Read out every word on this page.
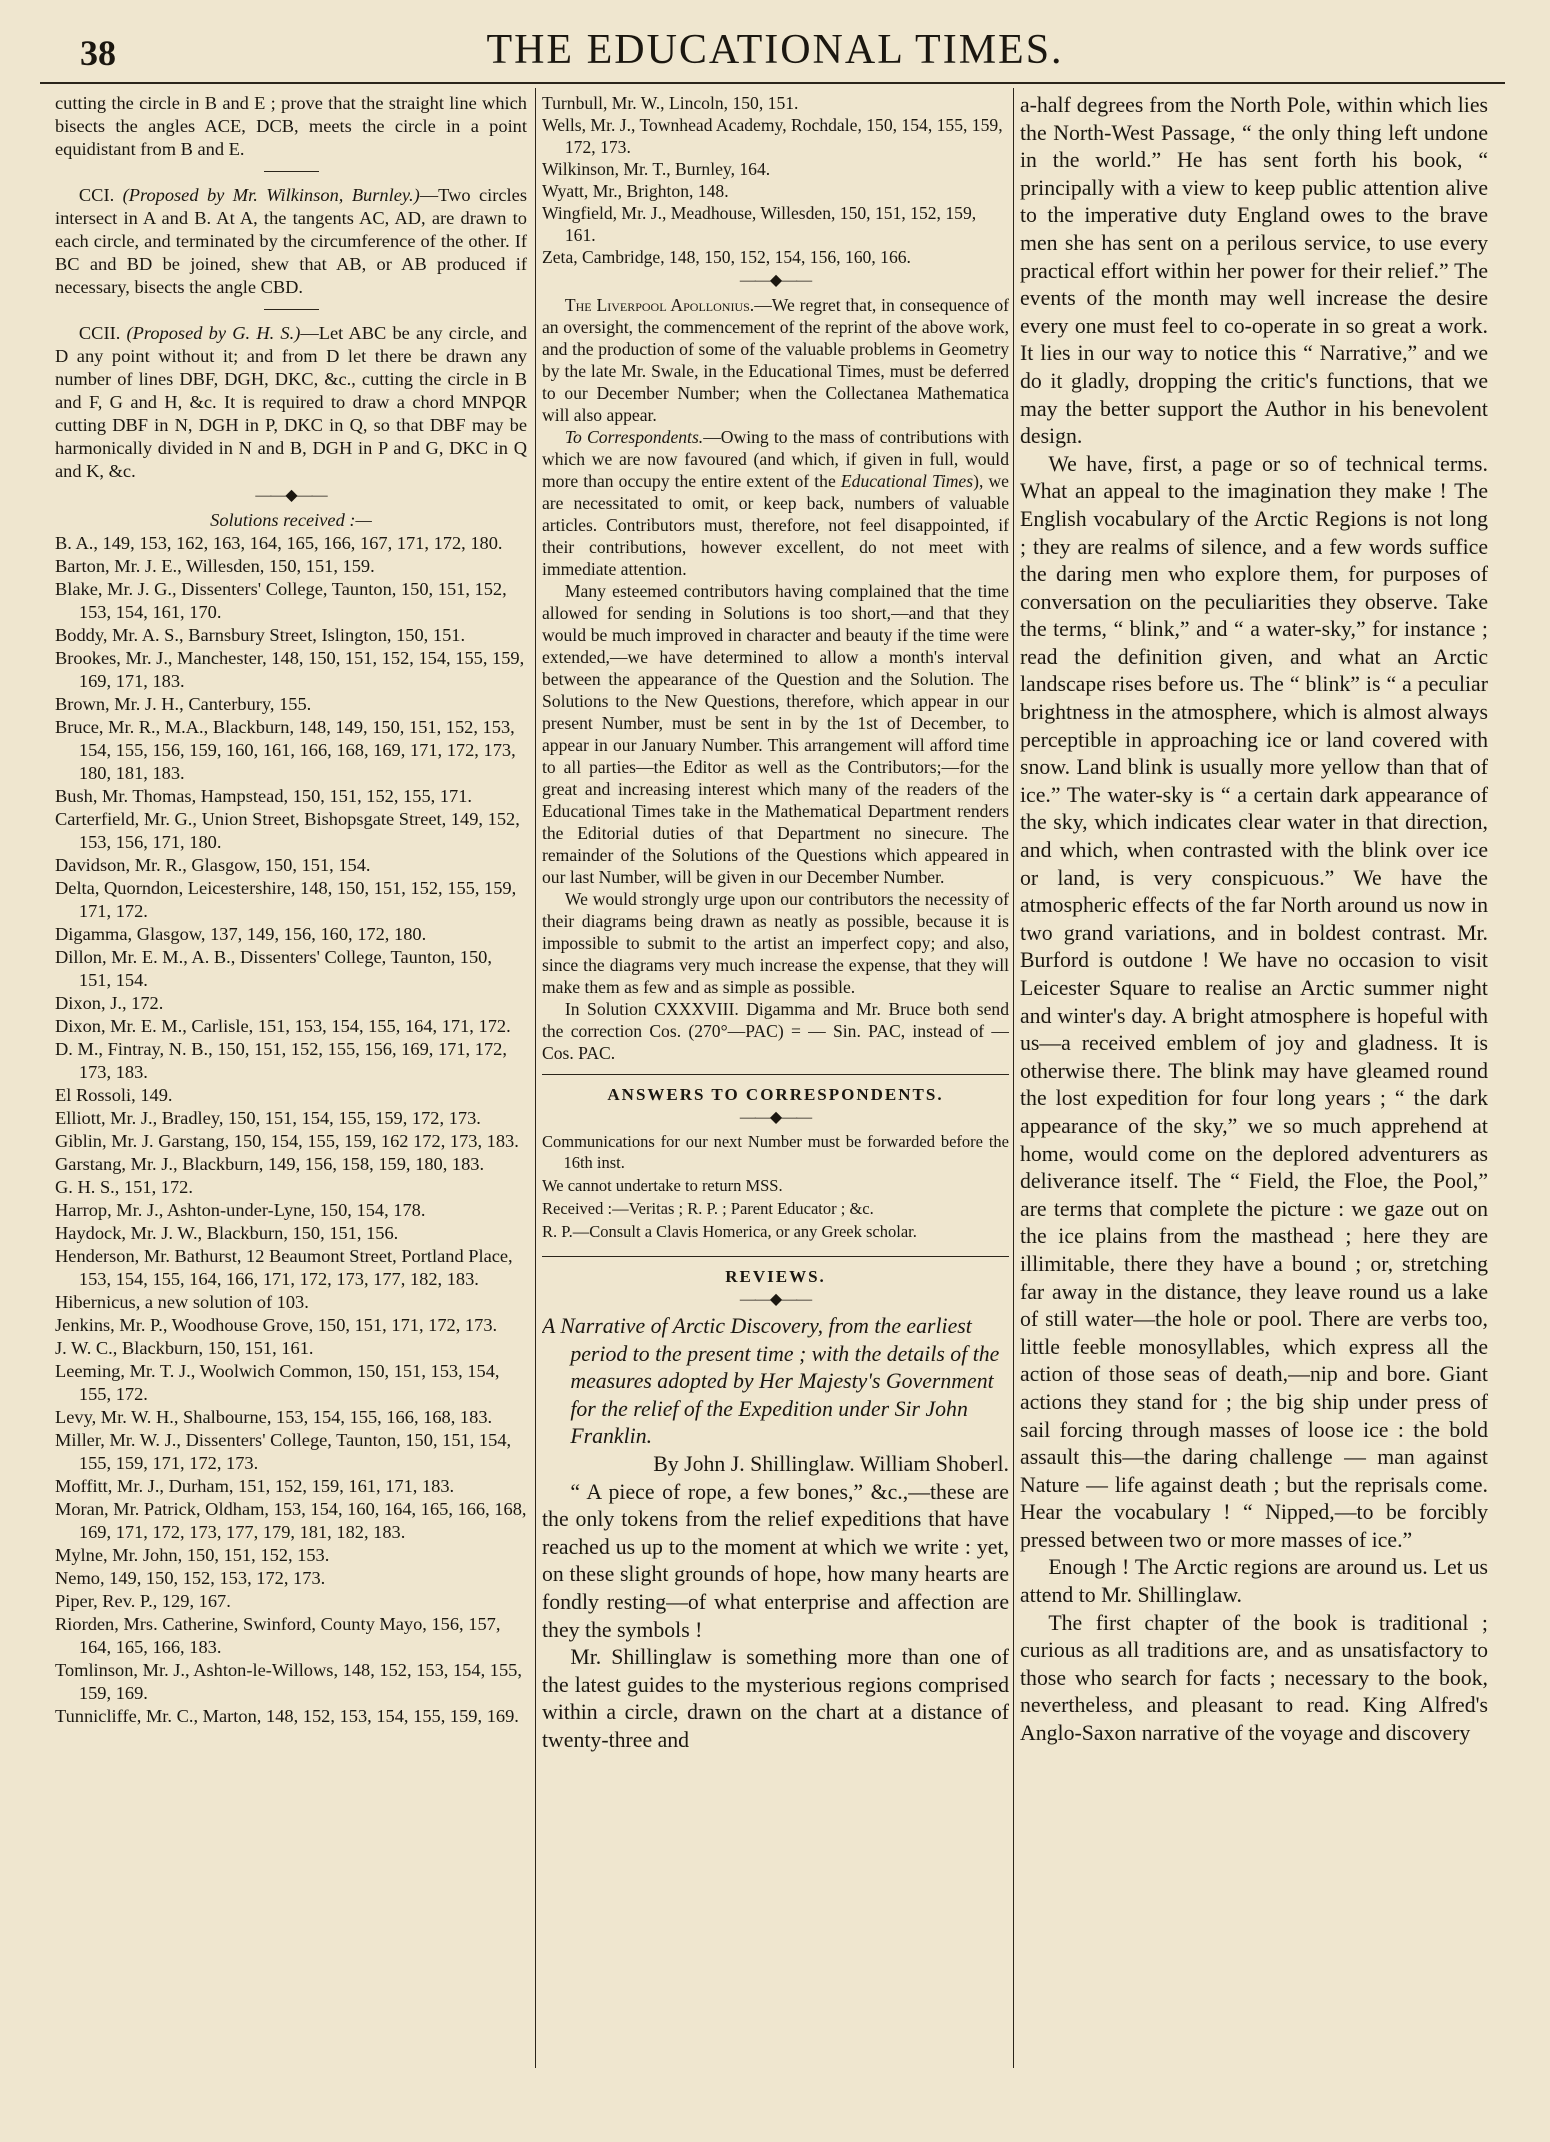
38	THE EDUCATIONAL TIMES.

cutting the circle in B and E ; prove that the straight line which bisects the angles ACE, DCB, meets the circle in a point equidistant from B and E.

CCI. (Proposed by Mr. Wilkinson, Burnley.)—Two circles intersect in A and B. At A, the tangents AC, AD, are drawn to each circle, and terminated by the circumference of the other. If BC and BD be joined, shew that AB, or AB produced if necessary, bisects the angle CBD.

CCII. (Proposed by G. H. S.)—Let ABC be any circle, and D any point without it; and from D let there be drawn any number of lines DBF, DGH, DKC, &c., cutting the circle in B and F, G and H, &c. It is required to draw a chord MNPQR cutting DBF in N, DGH in P, DKC in Q, so that DBF may be harmonically divided in N and B, DGH in P and G, DKC in Q and K, &c.

——◆——

Solutions received :—

B. A., 149, 153, 162, 163, 164, 165, 166, 167, 171, 172, 180.

Barton, Mr. J. E., Willesden, 150, 151, 159.

Blake, Mr. J. G., Dissenters' College, Taunton, 150, 151, 152, 153, 154, 161, 170.

Boddy, Mr. A. S., Barnsbury Street, Islington, 150, 151.

Brookes, Mr. J., Manchester, 148, 150, 151, 152, 154, 155, 159, 169, 171, 183.

Brown, Mr. J. H., Canterbury, 155.

Bruce, Mr. R., M.A., Blackburn, 148, 149, 150, 151, 152, 153, 154, 155, 156, 159, 160, 161, 166, 168, 169, 171, 172, 173, 180, 181, 183.

Bush, Mr. Thomas, Hampstead, 150, 151, 152, 155, 171.

Carterfield, Mr. G., Union Street, Bishopsgate Street, 149, 152, 153, 156, 171, 180.

Davidson, Mr. R., Glasgow, 150, 151, 154.

Delta, Quorndon, Leicestershire, 148, 150, 151, 152, 155, 159, 171, 172.

Digamma, Glasgow, 137, 149, 156, 160, 172, 180.

Dillon, Mr. E. M., A. B., Dissenters' College, Taunton, 150, 151, 154.

Dixon, J., 172.

Dixon, Mr. E. M., Carlisle, 151, 153, 154, 155, 164, 171, 172.

D. M., Fintray, N. B., 150, 151, 152, 155, 156, 169, 171, 172, 173, 183.

El Rossoli, 149.

Elliott, Mr. J., Bradley, 150, 151, 154, 155, 159, 172, 173.

Giblin, Mr. J. Garstang, 150, 154, 155, 159, 162 172, 173, 183.

Garstang, Mr. J., Blackburn, 149, 156, 158, 159, 180, 183.

G. H. S., 151, 172.

Harrop, Mr. J., Ashton-under-Lyne, 150, 154, 178.

Haydock, Mr. J. W., Blackburn, 150, 151, 156.

Henderson, Mr. Bathurst, 12 Beaumont Street, Portland Place, 153, 154, 155, 164, 166, 171, 172, 173, 177, 182, 183.

Hibernicus, a new solution of 103.

Jenkins, Mr. P., Woodhouse Grove, 150, 151, 171, 172, 173.

J. W. C., Blackburn, 150, 151, 161.

Leeming, Mr. T. J., Woolwich Common, 150, 151, 153, 154, 155, 172.

Levy, Mr. W. H., Shalbourne, 153, 154, 155, 166, 168, 183.

Miller, Mr. W. J., Dissenters' College, Taunton, 150, 151, 154, 155, 159, 171, 172, 173.

Moffitt, Mr. J., Durham, 151, 152, 159, 161, 171, 183.

Moran, Mr. Patrick, Oldham, 153, 154, 160, 164, 165, 166, 168, 169, 171, 172, 173, 177, 179, 181, 182, 183.

Mylne, Mr. John, 150, 151, 152, 153.

Nemo, 149, 150, 152, 153, 172, 173.

Piper, Rev. P., 129, 167.

Riorden, Mrs. Catherine, Swinford, County Mayo, 156, 157, 164, 165, 166, 183.

Tomlinson, Mr. J., Ashton-le-Willows, 148, 152, 153, 154, 155, 159, 169.

Tunnicliffe, Mr. C., Marton, 148, 152, 153, 154, 155, 159, 169.

Turnbull, Mr. W., Lincoln, 150, 151.

Wells, Mr. J., Townhead Academy, Rochdale, 150, 154, 155, 159, 172, 173.

Wilkinson, Mr. T., Burnley, 164.

Wyatt, Mr., Brighton, 148.

Wingfield, Mr. J., Meadhouse, Willesden, 150, 151, 152, 159, 161.

Zeta, Cambridge, 148, 150, 152, 154, 156, 160, 166.

——◆——

The Liverpool Apollonius.—We regret that, in consequence of an oversight, the commencement of the reprint of the above work, and the production of some of the valuable problems in Geometry by the late Mr. Swale, in the Educational Times, must be deferred to our December Number; when the Collectanea Mathematica will also appear.

To Correspondents.—Owing to the mass of contributions with which we are now favoured (and which, if given in full, would more than occupy the entire extent of the Educational Times), we are necessitated to omit, or keep back, numbers of valuable articles. Contributors must, therefore, not feel disappointed, if their contributions, however excellent, do not meet with immediate attention.

Many esteemed contributors having complained that the time allowed for sending in Solutions is too short,—and that they would be much improved in character and beauty if the time were extended,—we have determined to allow a month's interval between the appearance of the Question and the Solution. The Solutions to the New Questions, therefore, which appear in our present Number, must be sent in by the 1st of December, to appear in our January Number. This arrangement will afford time to all parties—the Editor as well as the Contributors;—for the great and increasing interest which many of the readers of the Educational Times take in the Mathematical Department renders the Editorial duties of that Department no sinecure. The remainder of the Solutions of the Questions which appeared in our last Number, will be given in our December Number.

We would strongly urge upon our contributors the necessity of their diagrams being drawn as neatly as possible, because it is impossible to submit to the artist an imperfect copy; and also, since the diagrams very much increase the expense, that they will make them as few and as simple as possible.

In Solution CXXXVIII. Digamma and Mr. Bruce both send the correction Cos. (270°—PAC) = — Sin. PAC, instead of —Cos. PAC.

ANSWERS TO CORRESPONDENTS.
——◆——

Communications for our next Number must be forwarded before the 16th inst.

We cannot undertake to return MSS.

Received :—Veritas ; R. P. ; Parent Educator ; &c.

R. P.—Consult a Clavis Homerica, or any Greek scholar.

REVIEWS.
——◆——

A Narrative of Arctic Discovery, from the earliest period to the present time ; with the details of the measures adopted by Her Majesty's Government for the relief of the Expedition under Sir John Franklin.

By John J. Shillinglaw. William Shoberl.

“ A piece of rope, a few bones,” &c.,—these are the only tokens from the relief expeditions that have reached us up to the moment at which we write : yet, on these slight grounds of hope, how many hearts are fondly resting—of what enterprise and affection are they the symbols !

Mr. Shillinglaw is something more than one of the latest guides to the mysterious regions comprised within a circle, drawn on the chart at a distance of twenty-three and

a-half degrees from the North Pole, within which lies the North-West Passage, “ the only thing left undone in the world.” He has sent forth his book, “ principally with a view to keep public attention alive to the imperative duty England owes to the brave men she has sent on a perilous service, to use every practical effort within her power for their relief.” The events of the month may well increase the desire every one must feel to co-operate in so great a work. It lies in our way to notice this “ Narrative,” and we do it gladly, dropping the critic's functions, that we may the better support the Author in his benevolent design.

We have, first, a page or so of technical terms. What an appeal to the imagination they make ! The English vocabulary of the Arctic Regions is not long ; they are realms of silence, and a few words suffice the daring men who explore them, for purposes of conversation on the peculiarities they observe. Take the terms, “ blink,” and “ a water-sky,” for instance ; read the definition given, and what an Arctic landscape rises before us. The “ blink” is “ a peculiar brightness in the atmosphere, which is almost always perceptible in approaching ice or land covered with snow. Land blink is usually more yellow than that of ice.” The water-sky is “ a certain dark appearance of the sky, which indicates clear water in that direction, and which, when contrasted with the blink over ice or land, is very conspicuous.” We have the atmospheric effects of the far North around us now in two grand variations, and in boldest contrast. Mr. Burford is outdone ! We have no occasion to visit Leicester Square to realise an Arctic summer night and winter's day. A bright atmosphere is hopeful with us—a received emblem of joy and gladness. It is otherwise there. The blink may have gleamed round the lost expedition for four long years ; “ the dark appearance of the sky,” we so much apprehend at home, would come on the deplored adventurers as deliverance itself. The “ Field, the Floe, the Pool,” are terms that complete the picture : we gaze out on the ice plains from the masthead ; here they are illimitable, there they have a bound ; or, stretching far away in the distance, they leave round us a lake of still water—the hole or pool. There are verbs too, little feeble monosyllables, which express all the action of those seas of death,—nip and bore. Giant actions they stand for ; the big ship under press of sail forcing through masses of loose ice : the bold assault this—the daring challenge — man against Nature — life against death ; but the reprisals come. Hear the vocabulary ! “ Nipped,—to be forcibly pressed between two or more masses of ice.”

Enough ! The Arctic regions are around us. Let us attend to Mr. Shillinglaw.

The first chapter of the book is traditional ; curious as all traditions are, and as unsatisfactory to those who search for facts ; necessary to the book, nevertheless, and pleasant to read. King Alfred's Anglo-Saxon narrative of the voyage and discovery
